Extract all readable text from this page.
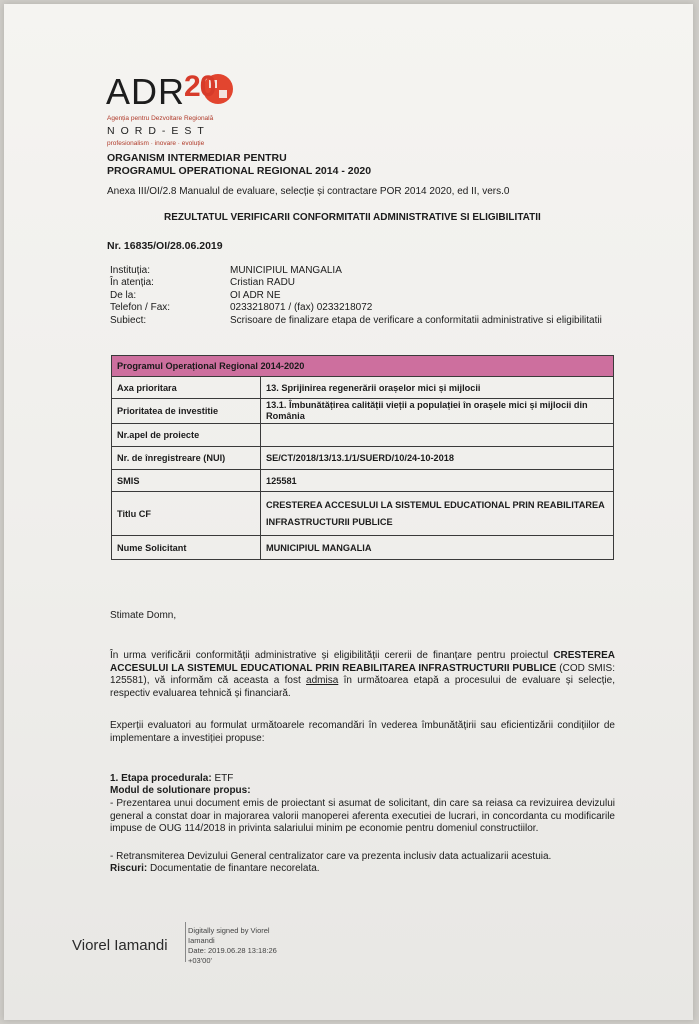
ADR
20
Agenția pentru Dezvoltare Regională
NORD-EST
profesionalism · inovare · evoluție
ORGANISM INTERMEDIAR PENTRU
PROGRAMUL OPERATIONAL REGIONAL 2014 - 2020
Anexa III/OI/2.8 Manualul de evaluare, selecție și contractare POR 2014 2020, ed II, vers.0
REZULTATUL VERIFICARII CONFORMITATII ADMINISTRATIVE SI ELIGIBILITATII
Nr. 16835/OI/28.06.2019
Instituția:	MUNICIPIUL MANGALIA
În atenția:	Cristian RADU
De la:	OI ADR NE
Telefon / Fax:	0233218071 / (fax) 0233218072
Subiect:	Scrisoare de finalizare etapa de verificare a conformitatii administrative si eligibilitatii
Programul Operațional Regional 2014-2020	
Axa prioritara	13. Sprijinirea regenerării orașelor mici și mijlocii
Prioritatea de investitie	13.1. Îmbunătățirea calității vieții a populației în orașele mici și mijlocii din România
Nr.apel de proiecte	
Nr. de înregistreare (NUI)	SE/CT/2018/13/13.1/1/SUERD/10/24-10-2018
SMIS	125581
Titlu CF	CRESTEREA ACCESULUI LA SISTEMUL EDUCATIONAL PRIN REABILITAREA INFRASTRUCTURII PUBLICE
Nume Solicitant	MUNICIPIUL MANGALIA
Stimate Domn,
În urma verificării conformității administrative și eligibilității cererii de finanțare pentru proiectul CRESTEREA ACCESULUI LA SISTEMUL EDUCATIONAL PRIN REABILITAREA INFRASTRUCTURII PUBLICE (COD SMIS: 125581), vă informăm că aceasta a fost admisa în următoarea etapă a procesului de evaluare și selecție, respectiv evaluarea tehnică și financiară.
Experții evaluatori au formulat următoarele recomandări în vederea îmbunătățirii sau eficientizării condițiilor de implementare a investiției propuse:
1. Etapa procedurala: ETF
Modul de solutionare propus:
- Prezentarea unui document emis de proiectant si asumat de solicitant, din care sa reiasa ca revizuirea devizului general a constat doar in majorarea valorii manoperei aferenta executiei de lucrari, in concordanta cu modificarile impuse de OUG 114/2018 in privinta salariului minim pe economie pentru domeniul constructiilor.
- Retransmiterea Devizului General centralizator care va prezenta inclusiv data actualizarii acestuia.
Riscuri: Documentatie de finantare necorelata.
Viorel Iamandi
Digitally signed by Viorel
Iamandi
Date: 2019.06.28 13:18:26
+03'00'
